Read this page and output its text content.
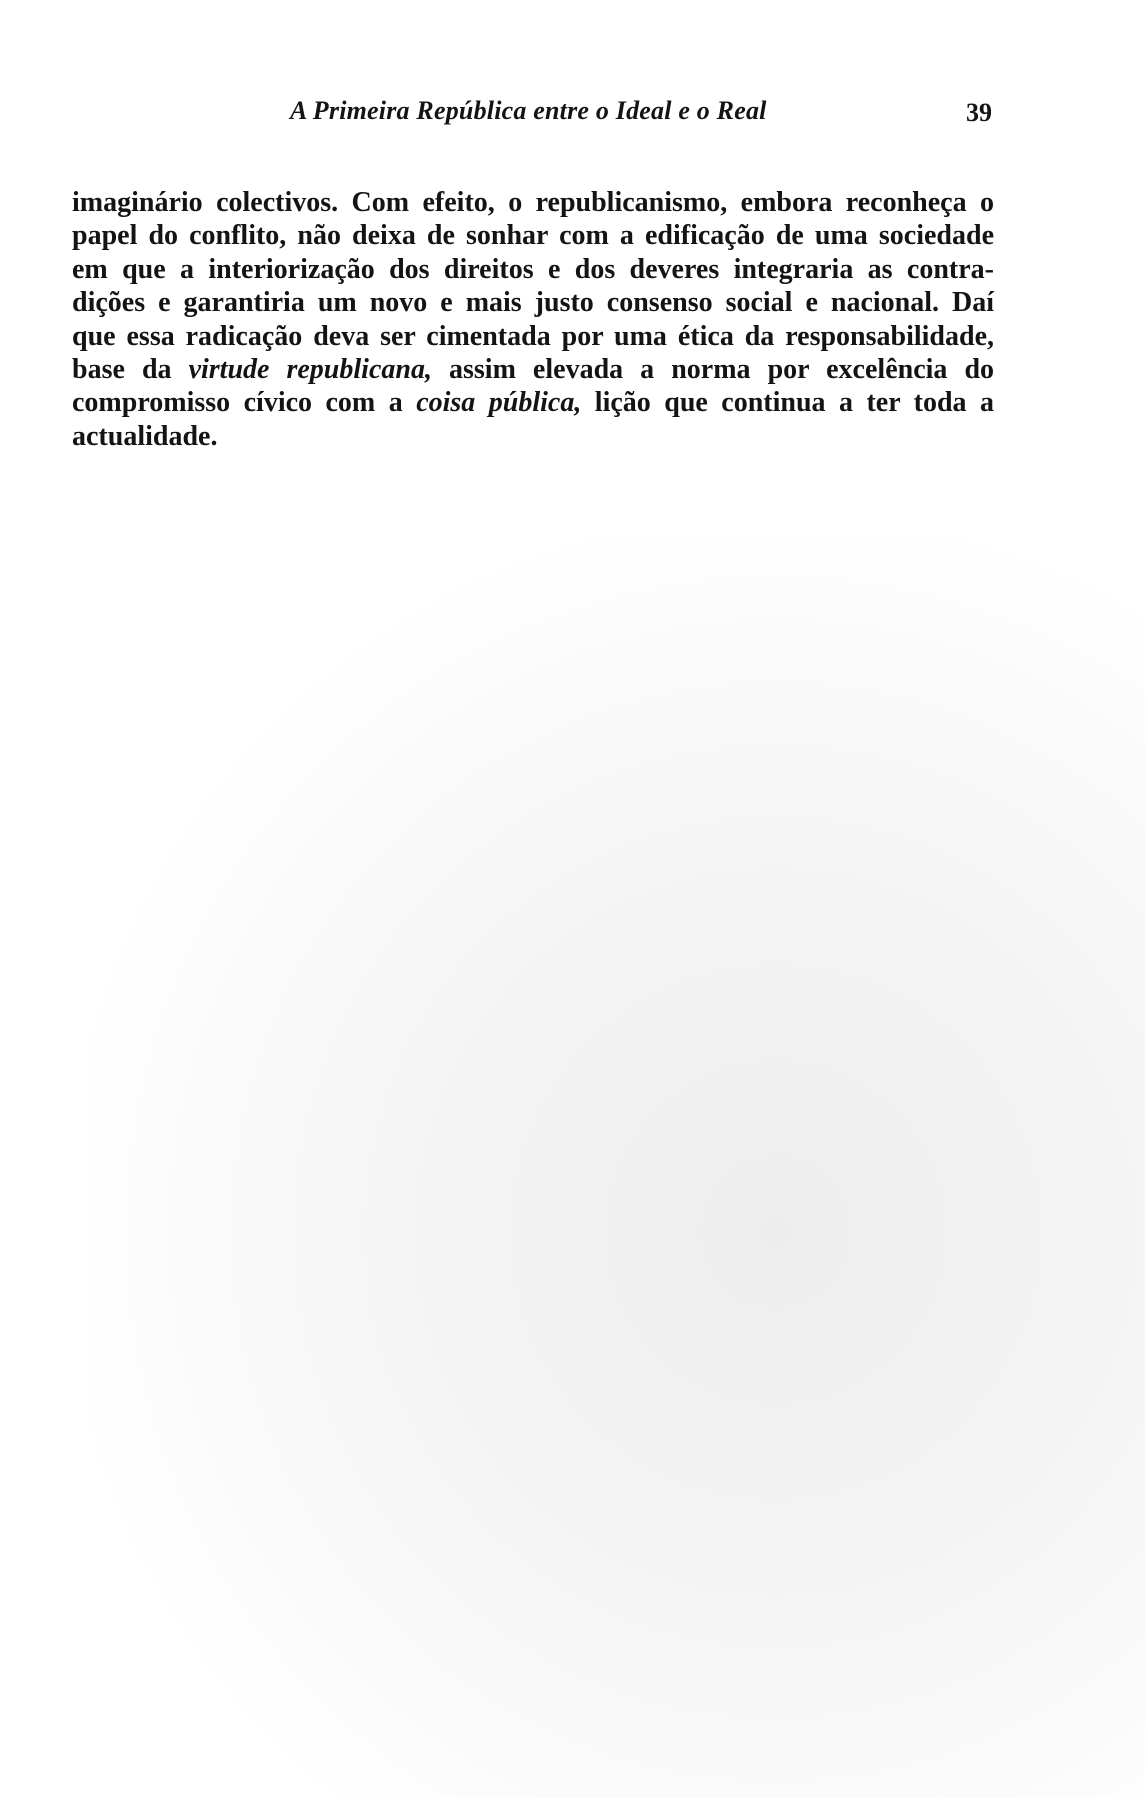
A Primeira República entre o Ideal e o Real	39
imaginário colectivos. Com efeito, o republicanismo, embora reconheça o
papel do conflito, não deixa de sonhar com a edificação de uma sociedade
em que a interiorização dos direitos e dos deveres integraria as contra-
dições e garantiria um novo e mais justo consenso social e nacional. Daí
que essa radicação deva ser cimentada por uma ética da responsabilidade,
base da virtude republicana, assim elevada a norma por excelência do
compromisso cívico com a coisa pública, lição que continua a ter toda a
actualidade.
